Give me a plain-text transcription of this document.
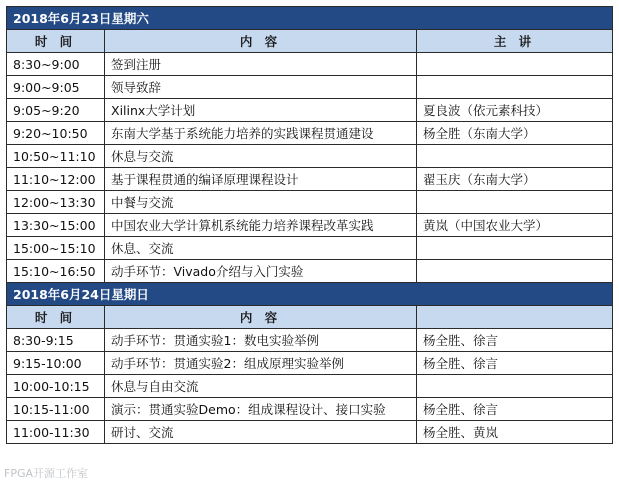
2018年6月23日星期六		
时 间	内 容	主 讲
8:30~9:00	签到注册	
9:00~9:05	领导致辞	
9:05~9:20	Xilinx大学计划	夏良波（依元素科技）
9:20~10:50	东南大学基于系统能力培养的实践课程贯通建设	杨全胜（东南大学）
10:50~11:10	休息与交流	
11:10~12:00	基于课程贯通的编译原理课程设计	翟玉庆（东南大学）
12:00~13:30	中餐与交流	
13:30~15:00	中国农业大学计算机系统能力培养课程改革实践	黄岚（中国农业大学）
15:00~15:10	休息、交流	
15:10~16:50	动手环节：Vivado介绍与入门实验	
2018年6月24日星期日		
时 间	内 容	
8:30-9:15	动手环节：贯通实验1：数电实验举例	杨全胜、徐言
9:15-10:00	动手环节：贯通实验2：组成原理实验举例	杨全胜、徐言
10:00-10:15	休息与自由交流	
10:15-11:00	演示：贯通实验Demo：组成课程设计、接口实验	杨全胜、徐言
11:00-11:30	研讨、交流	杨全胜、黄岚
FPGA开源工作室
